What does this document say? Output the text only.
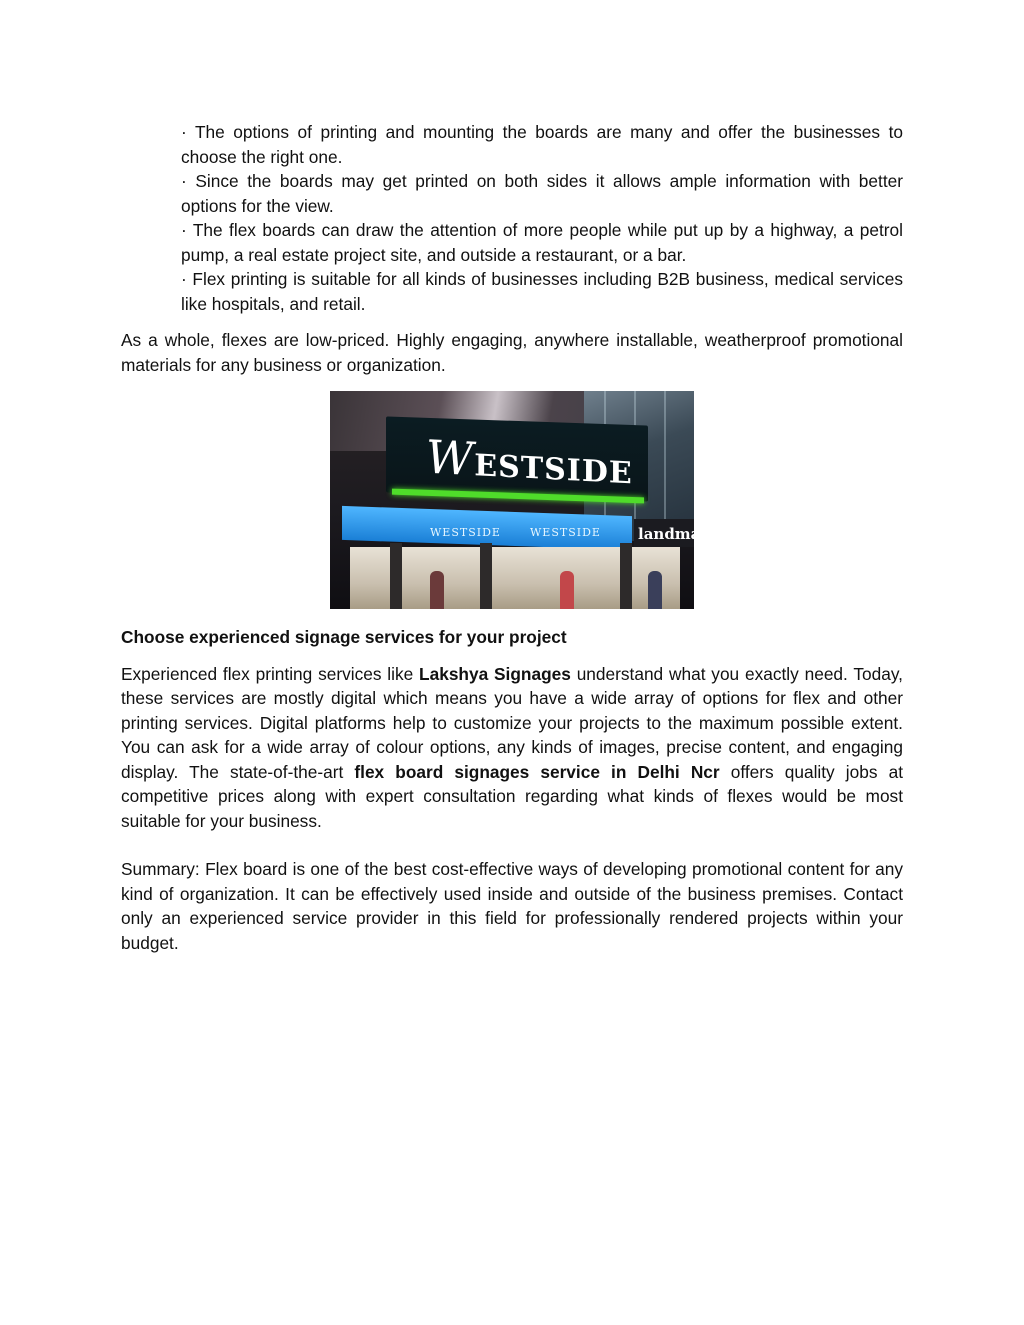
· The options of printing and mounting the boards are many and offer the businesses to choose the right one.

· Since the boards may get printed on both sides it allows ample information with better options for the view.

· The flex boards can draw the attention of more people while put up by a highway, a petrol pump, a real estate project site, and outside a restaurant, or a bar.

· Flex printing is suitable for all kinds of businesses including B2B business, medical services like hospitals, and retail.

As a whole, flexes are low-priced. Highly engaging, anywhere installable, weatherproof promotional materials for any business or organization.

WESTSIDE
WESTSIDE	WESTSIDE landmark
Choose experienced signage services for your project

Experienced flex printing services like Lakshya Signages understand what you exactly need. Today, these services are mostly digital which means you have a wide array of options for flex and other printing services. Digital platforms help to customize your projects to the maximum possible extent. You can ask for a wide array of colour options, any kinds of images, precise content, and engaging display. The state-of-the-art flex board signages service in Delhi Ncr offers quality jobs at competitive prices along with expert consultation regarding what kinds of flexes would be most suitable for your business.

Summary: Flex board is one of the best cost-effective ways of developing promotional content for any kind of organization. It can be effectively used inside and outside of the business premises. Contact only an experienced service provider in this field for professionally rendered projects within your budget.
